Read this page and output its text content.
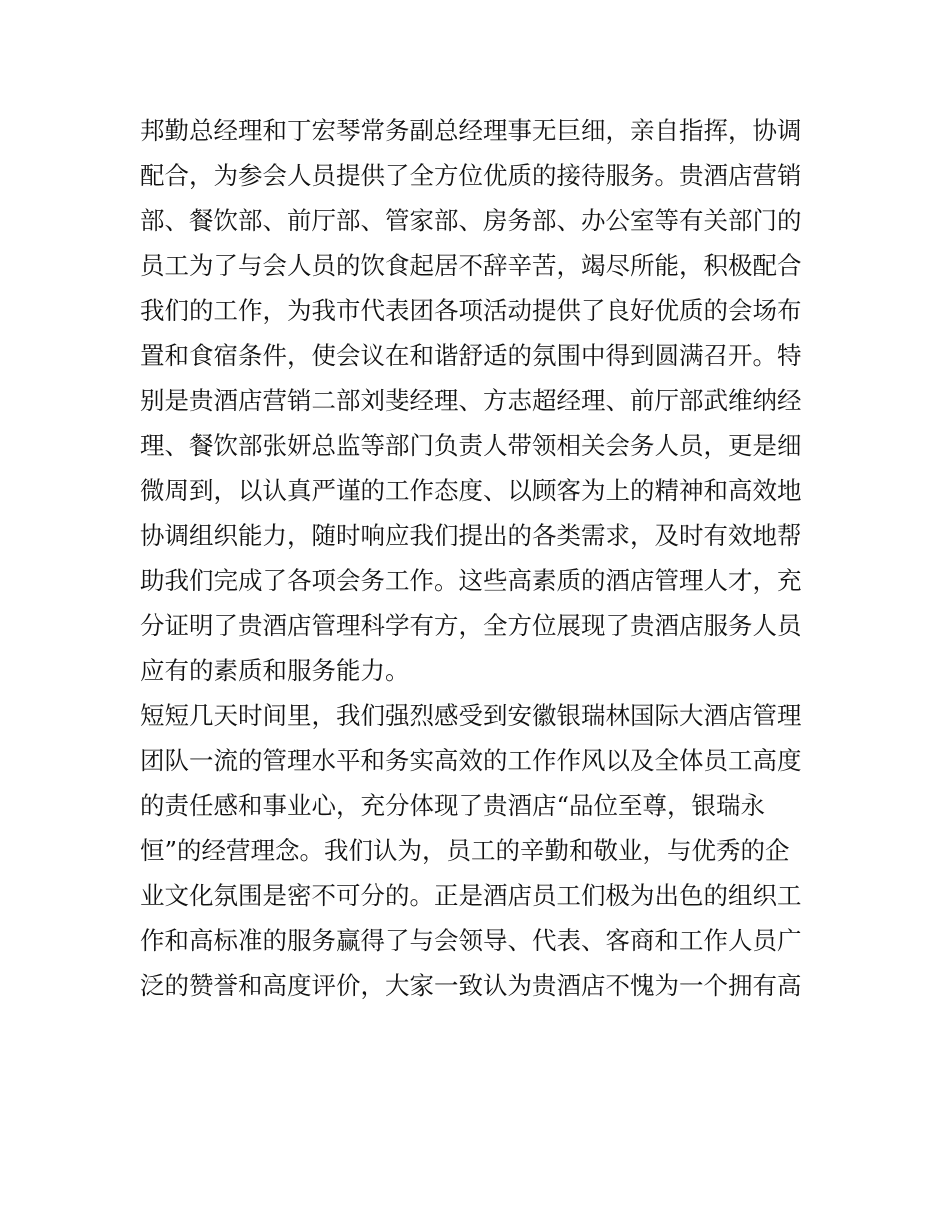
邦勤总经理和丁宏琴常务副总经理事无巨细，亲自指挥，协调
配合，为参会人员提供了全方位优质的接待服务。贵酒店营销
部、餐饮部、前厅部、管家部、房务部、办公室等有关部门的
员工为了与会人员的饮食起居不辞辛苦，竭尽所能，积极配合
我们的工作，为我市代表团各项活动提供了良好优质的会场布
置和食宿条件，使会议在和谐舒适的氛围中得到圆满召开。特
别是贵酒店营销二部刘斐经理、方志超经理、前厅部武维纳经
理、餐饮部张妍总监等部门负责人带领相关会务人员，更是细
微周到，以认真严谨的工作态度、以顾客为上的精神和高效地
协调组织能力，随时响应我们提出的各类需求，及时有效地帮
助我们完成了各项会务工作。这些高素质的酒店管理人才，充
分证明了贵酒店管理科学有方，全方位展现了贵酒店服务人员
应有的素质和服务能力。
短短几天时间里，我们强烈感受到安徽银瑞林国际大酒店管理
团队一流的管理水平和务实高效的工作作风以及全体员工高度
的责任感和事业心，充分体现了贵酒店“品位至尊，银瑞永
恒”的经营理念。我们认为，员工的辛勤和敬业，与优秀的企
业文化氛围是密不可分的。正是酒店员工们极为出色的组织工
作和高标准的服务赢得了与会领导、代表、客商和工作人员广
泛的赞誉和高度评价，大家一致认为贵酒店不愧为一个拥有高
